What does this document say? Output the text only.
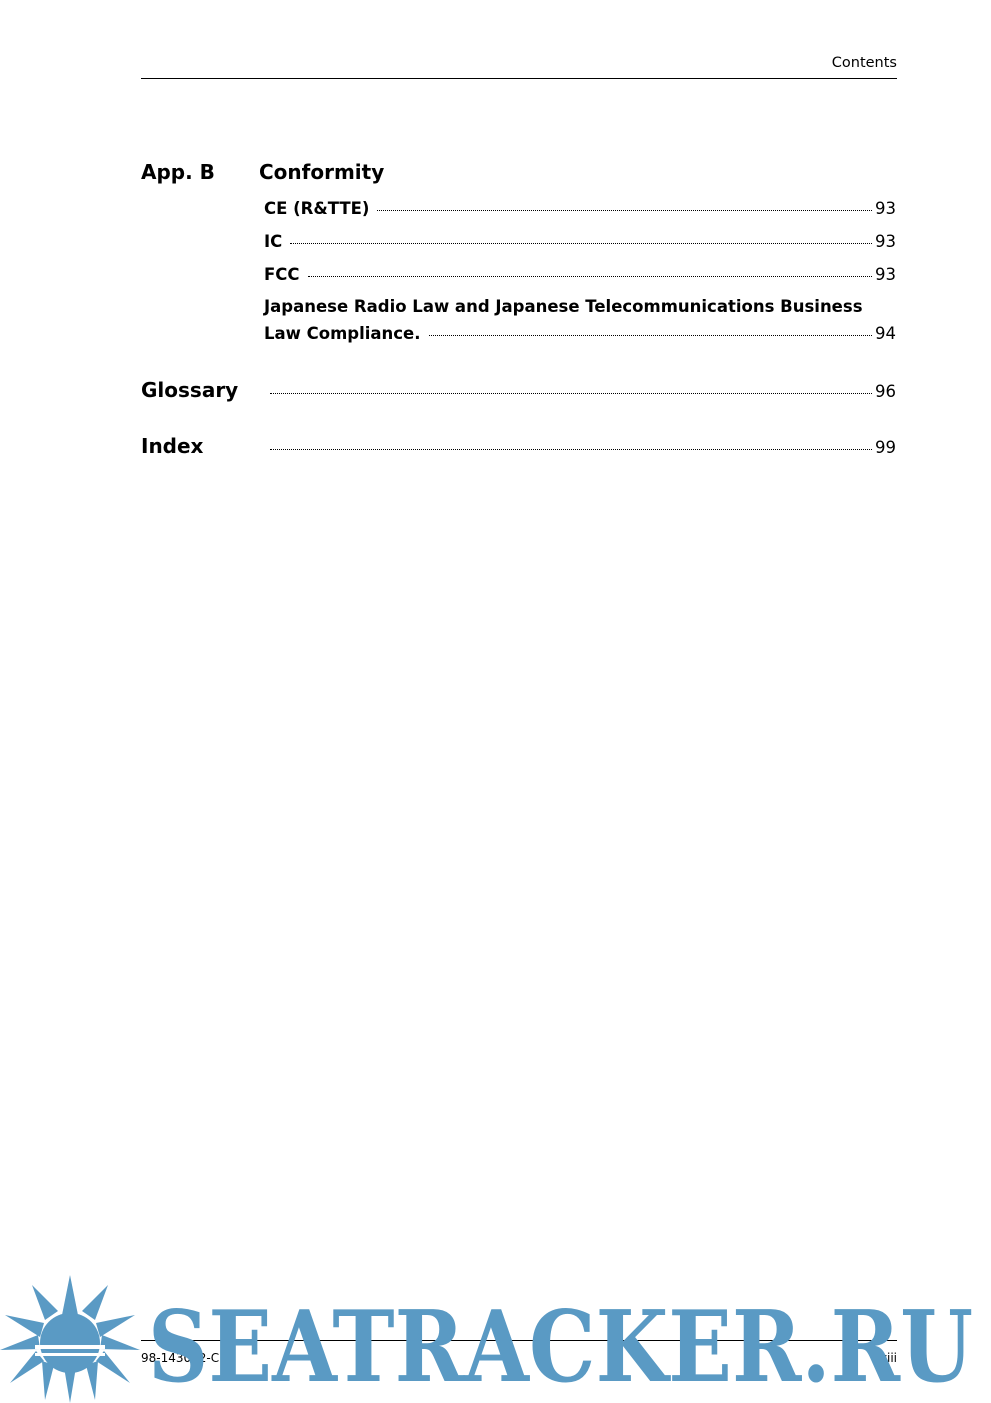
Contents
App. B Conformity
CE (R&TTE)	93
IC	93
FCC	93
Japanese Radio Law and Japanese Telecommunications Business
Law Compliance.	94
Glossary	96
Index	99
98-143082-C	viii
SEATRACKER.RU
